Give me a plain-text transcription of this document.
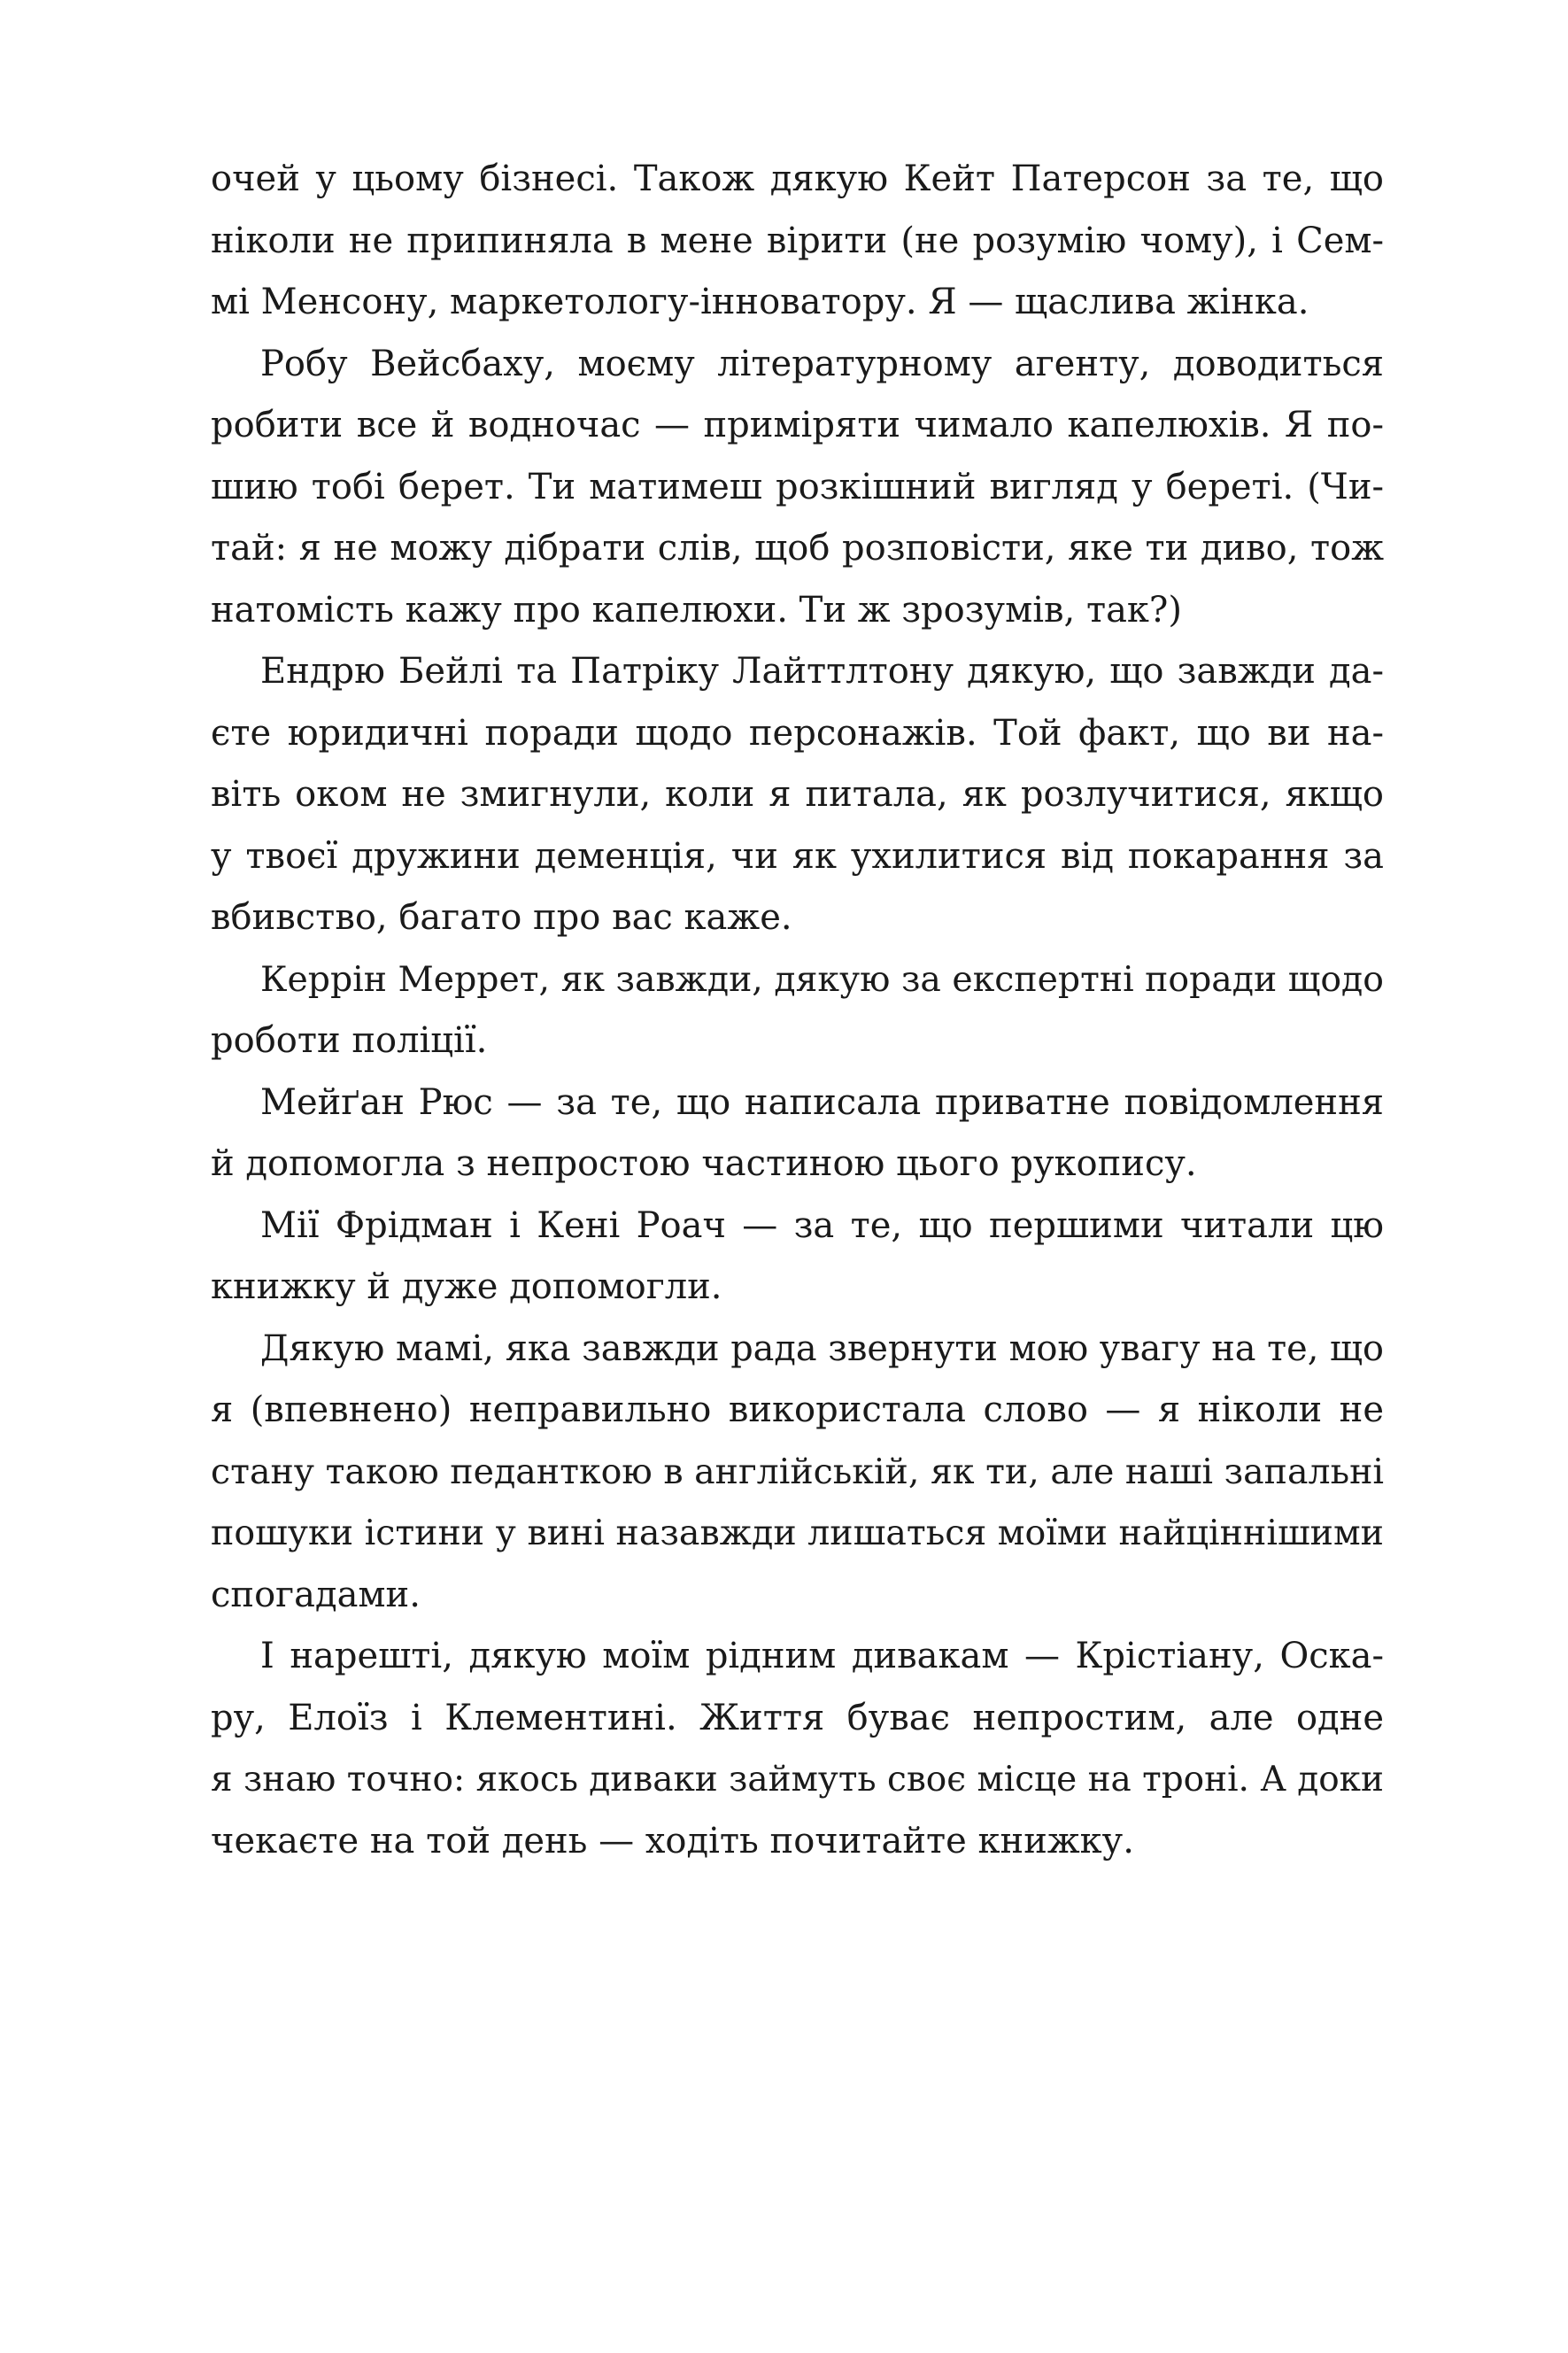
очей у цьому бізнесі. Також дякую Кейт Патерсон за те, що
ніколи не припиняла в мене вірити (не розумію чому), і Сем-
мі Менсону, маркетологу-інноватору. Я — щаслива жінка.
Робу Вейсбаху, моєму літературному агенту, доводиться
робити все й водночас — приміряти чимало капелюхів. Я по-
шию тобі берет. Ти матимеш розкішний вигляд у береті. (Чи-
тай: я не можу дібрати слів, щоб розповісти, яке ти диво, тож
натомість кажу про капелюхи. Ти ж зрозумів, так?)
Ендрю Бейлі та Патріку Лайттлтону дякую, що завжди да-
єте юридичні поради щодо персонажів. Той факт, що ви на-
віть оком не змигнули, коли я питала, як розлучитися, якщо
у твоєї дружини деменція, чи як ухилитися від покарання за
вбивство, багато про вас каже.
Керрін Меррет, як завжди, дякую за експертні поради щодо
роботи поліції.
Мейґан Рюс — за те, що написала приватне повідомлення
й допомогла з непростою частиною цього рукопису.
Мії Фрідман і Кені Роач — за те, що першими читали цю
книжку й дуже допомогли.
Дякую мамі, яка завжди рада звернути мою увагу на те, що
я (впевнено) неправильно використала слово — я ніколи не
стану такою педанткою в англійській, як ти, але наші запальні
пошуки істини у вині назавжди лишаться моїми найціннішими
спогадами.
І нарешті, дякую моїм рідним дивакам — Крістіану, Оска-
ру, Елоїз і Клементині. Життя буває непростим, але одне
я знаю точно: якось диваки займуть своє місце на троні. А доки
чекаєте на той день — ходіть почитайте книжку.
